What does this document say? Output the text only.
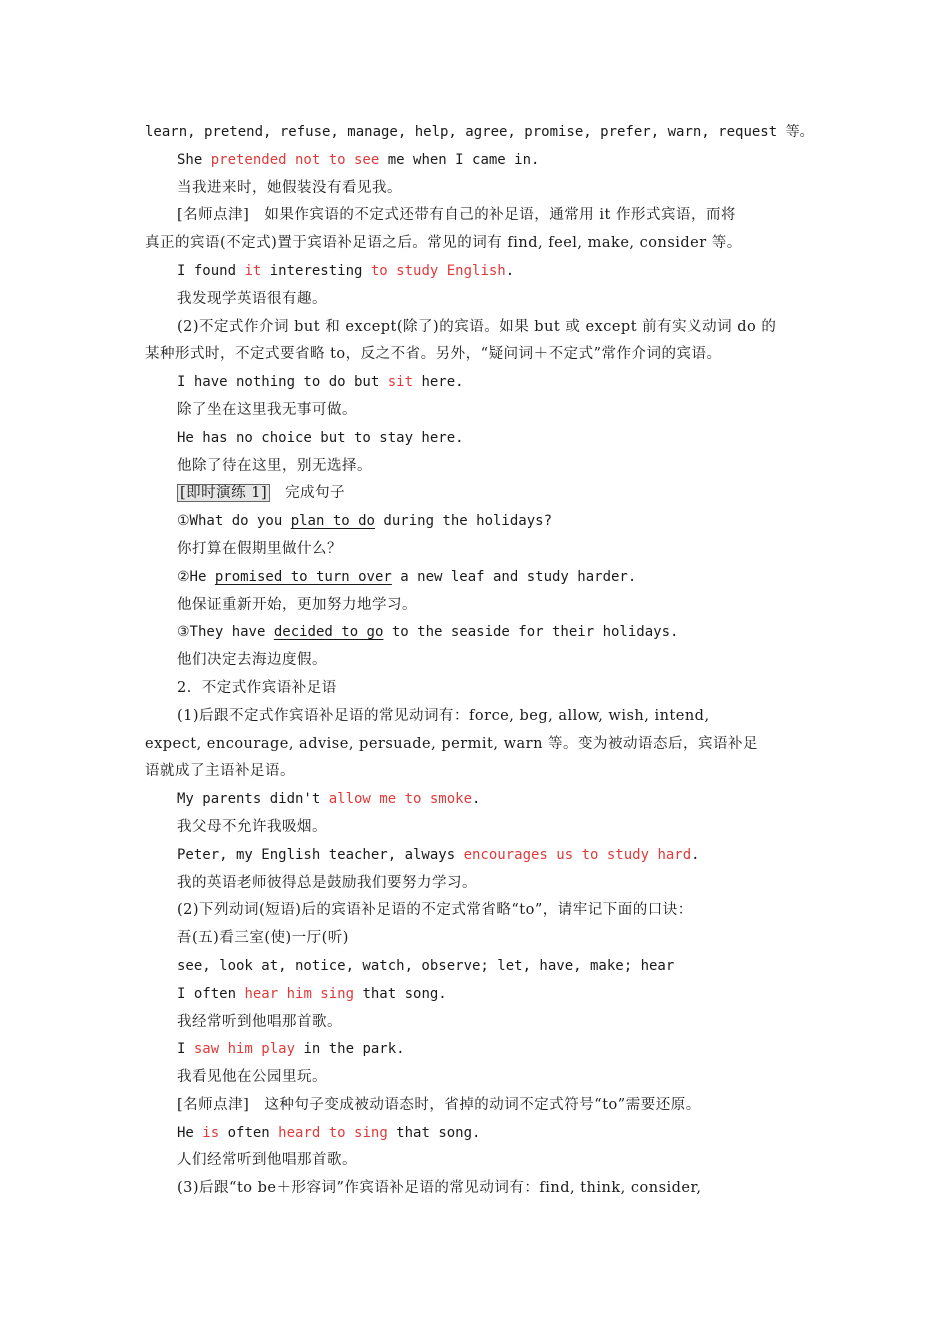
learn, pretend, refuse, manage, help, agree, promise, prefer, warn, request 等。
She pretended not to see me when I came in.
当我进来时，她假装没有看见我。
[名师点津]　如果作宾语的不定式还带有自己的补足语，通常用 it 作形式宾语，而将
真正的宾语(不定式)置于宾语补足语之后。常见的词有 find, feel, make, consider 等。
I found it interesting to study English.
我发现学英语很有趣。
(2)不定式作介词 but 和 except(除了)的宾语。如果 but 或 except 前有实义动词 do 的
某种形式时，不定式要省略 to，反之不省。另外，“疑问词＋不定式”常作介词的宾语。
I have nothing to do but sit here.
除了坐在这里我无事可做。
He has no choice but to stay here.
他除了待在这里，别无选择。
[即时演练 1]　完成句子
①What do you plan to do during the holidays?
你打算在假期里做什么？
②He promised to turn over a new leaf and study harder.
他保证重新开始，更加努力地学习。
③They have decided to go to the seaside for their holidays.
他们决定去海边度假。
2．不定式作宾语补足语
(1)后跟不定式作宾语补足语的常见动词有：force, beg, allow, wish, intend,
expect, encourage, advise, persuade, permit, warn 等。变为被动语态后，宾语补足
语就成了主语补足语。
My parents didn't allow me to smoke.
我父母不允许我吸烟。
Peter, my English teacher, always encourages us to study hard.
我的英语老师彼得总是鼓励我们要努力学习。
(2)下列动词(短语)后的宾语补足语的不定式常省略“to”，请牢记下面的口诀：
吾(五)看三室(使)一厅(听)
see, look at, notice, watch, observe; let, have, make; hear
I often hear him sing that song.
我经常听到他唱那首歌。
I saw him play in the park.
我看见他在公园里玩。
[名师点津]　这种句子变成被动语态时，省掉的动词不定式符号“to”需要还原。
He is often heard to sing that song.
人们经常听到他唱那首歌。
(3)后跟“to be＋形容词”作宾语补足语的常见动词有：find, think, consider,
